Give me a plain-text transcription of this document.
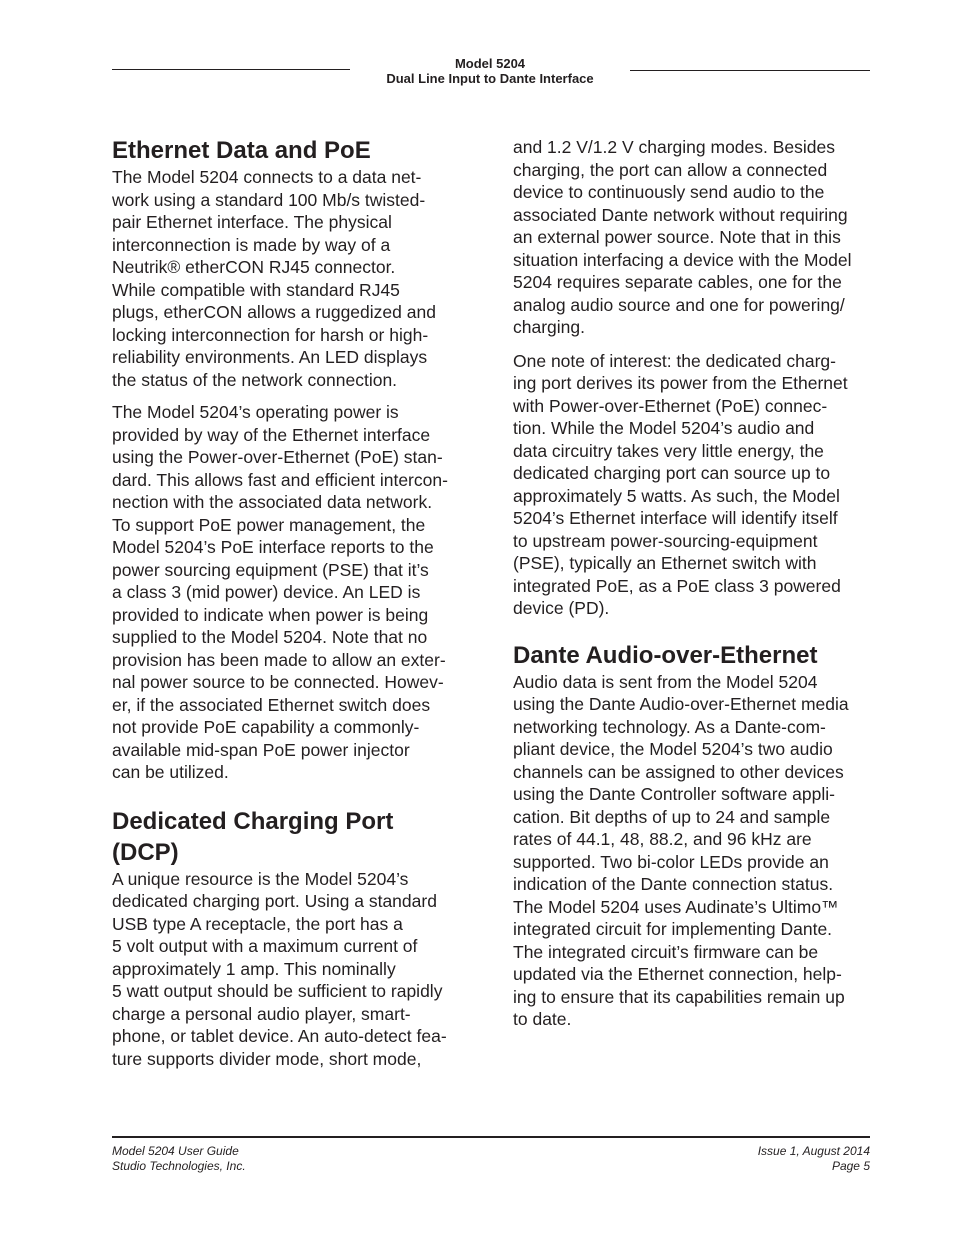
Model 5204
Dual Line Input to Dante Interface
Ethernet Data and PoE
The Model 5204 connects to a data net-
work using a standard 100 Mb/s twisted-
pair Ethernet interface. The physical
interconnection is made by way of a
Neutrik® etherCON RJ45 connector.
While compatible with standard RJ45
plugs, etherCON allows a ruggedized and
locking interconnection for harsh or high-
reliability environments. An LED displays
the status of the network connection.
The Model 5204’s operating power is
provided by way of the Ethernet interface
using the Power-over-Ethernet (PoE) stan-
dard. This allows fast and efficient intercon-
nection with the associated data network.
To support PoE power management, the
Model 5204’s PoE interface reports to the
power sourcing equipment (PSE) that it’s
a class 3 (mid power) device. An LED is
provided to indicate when power is being
supplied to the Model 5204. Note that no
provision has been made to allow an exter-
nal power source to be connected. Howev-
er, if the associated Ethernet switch does
not provide PoE capability a commonly-
available mid-span PoE power injector
can be utilized.
Dedicated Charging Port
(DCP)
A unique resource is the Model 5204’s
dedicated charging port. Using a standard
USB type A receptacle, the port has a
5 volt output with a maximum current of
approximately 1 amp. This nominally
5 watt output should be sufficient to rapidly
charge a personal audio player, smart-
phone, or tablet device. An auto-detect fea-
ture supports divider mode, short mode,
and 1.2 V/1.2 V charging modes. Besides
charging, the port can allow a connected
device to continuously send audio to the
associated Dante network without requiring
an external power source. Note that in this
situation interfacing a device with the Model
5204 requires separate cables, one for the
analog audio source and one for powering/
charging.
One note of interest: the dedicated charg-
ing port derives its power from the Ethernet
with Power-over-Ethernet (PoE) connec-
tion. While the Model 5204’s audio and
data circuitry takes very little energy, the
dedicated charging port can source up to
approximately 5 watts. As such, the Model
5204’s Ethernet interface will identify itself
to upstream power-sourcing-equipment
(PSE), typically an Ethernet switch with
integrated PoE, as a PoE class 3 powered
device (PD).
Dante Audio-over-Ethernet
Audio data is sent from the Model 5204
using the Dante Audio-over-Ethernet media
networking technology. As a Dante-com-
pliant device, the Model 5204’s two audio
channels can be assigned to other devices
using the Dante Controller software appli-
cation. Bit depths of up to 24 and sample
rates of 44.1, 48, 88.2, and 96 kHz are
supported. Two bi-color LEDs provide an
indication of the Dante connection status.
The Model 5204 uses Audinate’s Ultimo™
integrated circuit for implementing Dante.
The integrated circuit’s firmware can be
updated via the Ethernet connection, help-
ing to ensure that its capabilities remain up
to date.
Model 5204 User Guide
Studio Technologies, Inc.
Issue 1, August 2014
Page 5
